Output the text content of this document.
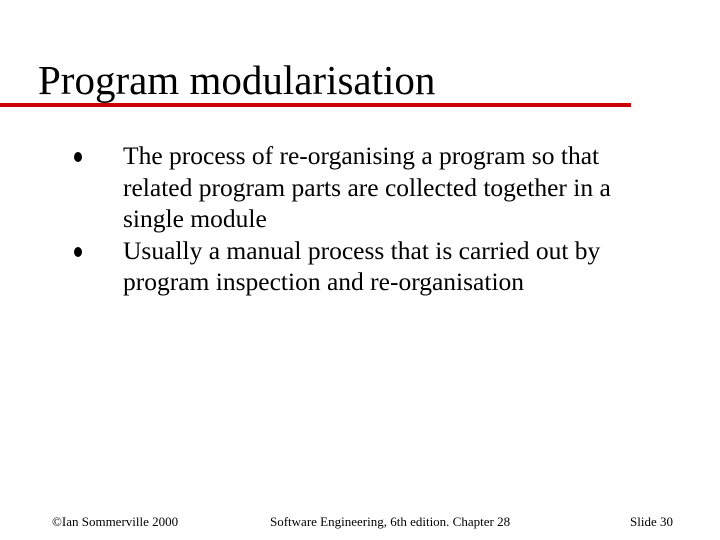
Program modularisation
The process of re-organising a program so that related program parts are collected together in a single module
Usually a manual process that is carried out by program inspection and re-organisation
©Ian Sommerville 2000	Software Engineering, 6th edition. Chapter 28	Slide 30
